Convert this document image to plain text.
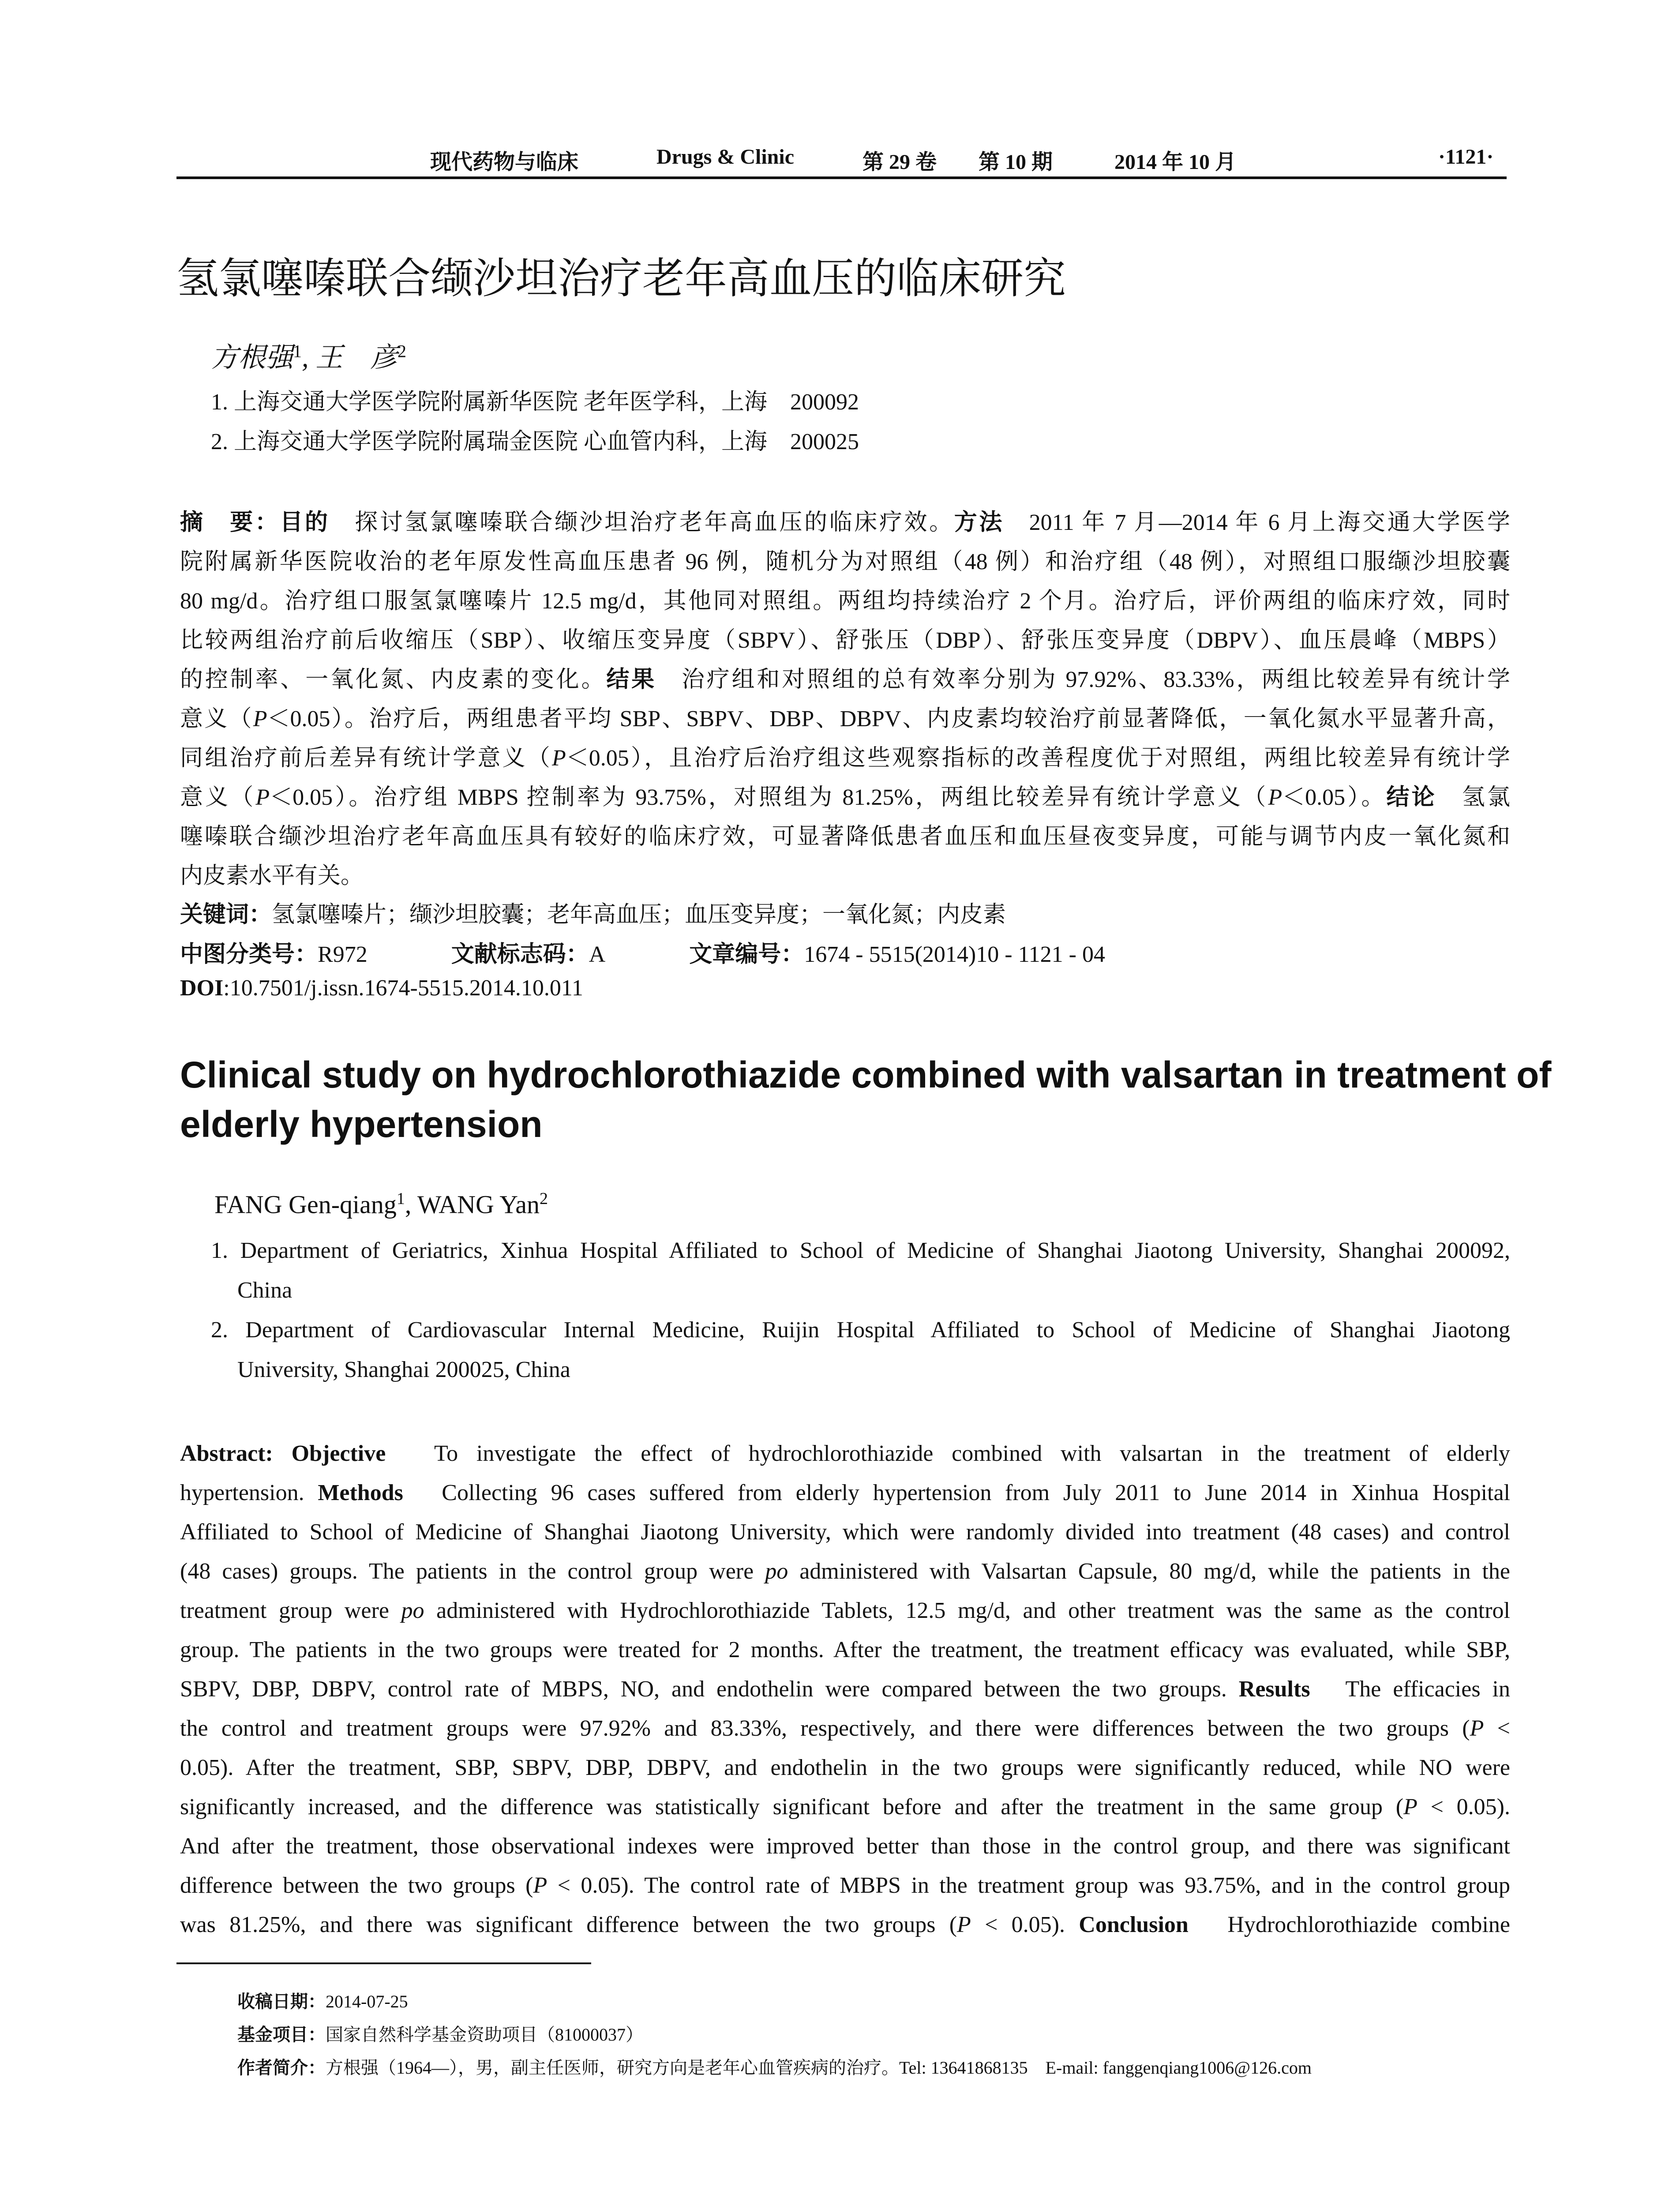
现代药物与临床	Drugs & Clinic	第 29 卷 第 10 期	2014 年 10 月	·1121·
氢氯噻嗪联合缬沙坦治疗老年高血压的临床研究
方根强$^1$, 王　彦$^2$
1. 上海交通大学医学院附属新华医院 老年医学科，上海　200092
2. 上海交通大学医学院附属瑞金医院 心血管内科，上海　200025
摘　要：目的　探讨氢氯噻嗪联合缬沙坦治疗老年高血压的临床疗效。方法　2011 年 7 月—2014 年 6 月上海交通大学医学
院附属新华医院收治的老年原发性高血压患者 96 例，随机分为对照组（48 例）和治疗组（48 例），对照组口服缬沙坦胶囊
80 mg/d。治疗组口服氢氯噻嗪片 12.5 mg/d，其他同对照组。两组均持续治疗 2 个月。治疗后，评价两组的临床疗效，同时
比较两组治疗前后收缩压（SBP）、收缩压变异度（SBPV）、舒张压（DBP）、舒张压变异度（DBPV）、血压晨峰（MBPS）
的控制率、一氧化氮、内皮素的变化。结果　治疗组和对照组的总有效率分别为 97.92%、83.33%，两组比较差异有统计学
意义（P＜0.05）。治疗后，两组患者平均 SBP、SBPV、DBP、DBPV、内皮素均较治疗前显著降低，一氧化氮水平显著升高，
同组治疗前后差异有统计学意义（P＜0.05），且治疗后治疗组这些观察指标的改善程度优于对照组，两组比较差异有统计学
意义（P＜0.05）。治疗组 MBPS 控制率为 93.75%，对照组为 81.25%，两组比较差异有统计学意义（P＜0.05）。结论　氢氯
噻嗪联合缬沙坦治疗老年高血压具有较好的临床疗效，可显著降低患者血压和血压昼夜变异度，可能与调节内皮一氧化氮和
内皮素水平有关。
关键词：氢氯噻嗪片；缬沙坦胶囊；老年高血压；血压变异度；一氧化氮；内皮素
中图分类号：R972	文献标志码：A	文章编号：1674 - 5515(2014)10 - 1121 - 04
DOI:10.7501/j.issn.1674-5515.2014.10.011
Clinical study on hydrochlorothiazide combined with valsartan in treatment of
elderly hypertension
FANG Gen-qiang$^1$, WANG Yan$^2$
1. Department of Geriatrics, Xinhua Hospital Affiliated to School of Medicine of Shanghai Jiaotong University, Shanghai 200092,
China
2. Department of Cardiovascular Internal Medicine, Ruijin Hospital Affiliated to School of Medicine of Shanghai Jiaotong
University, Shanghai 200025, China
Abstract: Objective　To investigate the effect of hydrochlorothiazide combined with valsartan in the treatment of elderly
hypertension. Methods　Collecting 96 cases suffered from elderly hypertension from July 2011 to June 2014 in Xinhua Hospital
Affiliated to School of Medicine of Shanghai Jiaotong University, which were randomly divided into treatment (48 cases) and control
(48 cases) groups. The patients in the control group were po administered with Valsartan Capsule, 80 mg/d, while the patients in the
treatment group were po administered with Hydrochlorothiazide Tablets, 12.5 mg/d, and other treatment was the same as the control
group. The patients in the two groups were treated for 2 months. After the treatment, the treatment efficacy was evaluated, while SBP,
SBPV, DBP, DBPV, control rate of MBPS, NO, and endothelin were compared between the two groups. Results　The efficacies in
the control and treatment groups were 97.92% and 83.33%, respectively, and there were differences between the two groups (P <
0.05). After the treatment, SBP, SBPV, DBP, DBPV, and endothelin in the two groups were significantly reduced, while NO were
significantly increased, and the difference was statistically significant before and after the treatment in the same group (P < 0.05).
And after the treatment, those observational indexes were improved better than those in the control group, and there was significant
difference between the two groups (P < 0.05). The control rate of MBPS in the treatment group was 93.75%, and in the control group
was 81.25%, and there was significant difference between the two groups (P < 0.05). Conclusion　Hydrochlorothiazide combine
收稿日期：2014-07-25
基金项目：国家自然科学基金资助项目（81000037）
作者简介：方根强（1964—），男，副主任医师，研究方向是老年心血管疾病的治疗。Tel: 13641868135　E-mail: fanggenqiang1006@126.com
